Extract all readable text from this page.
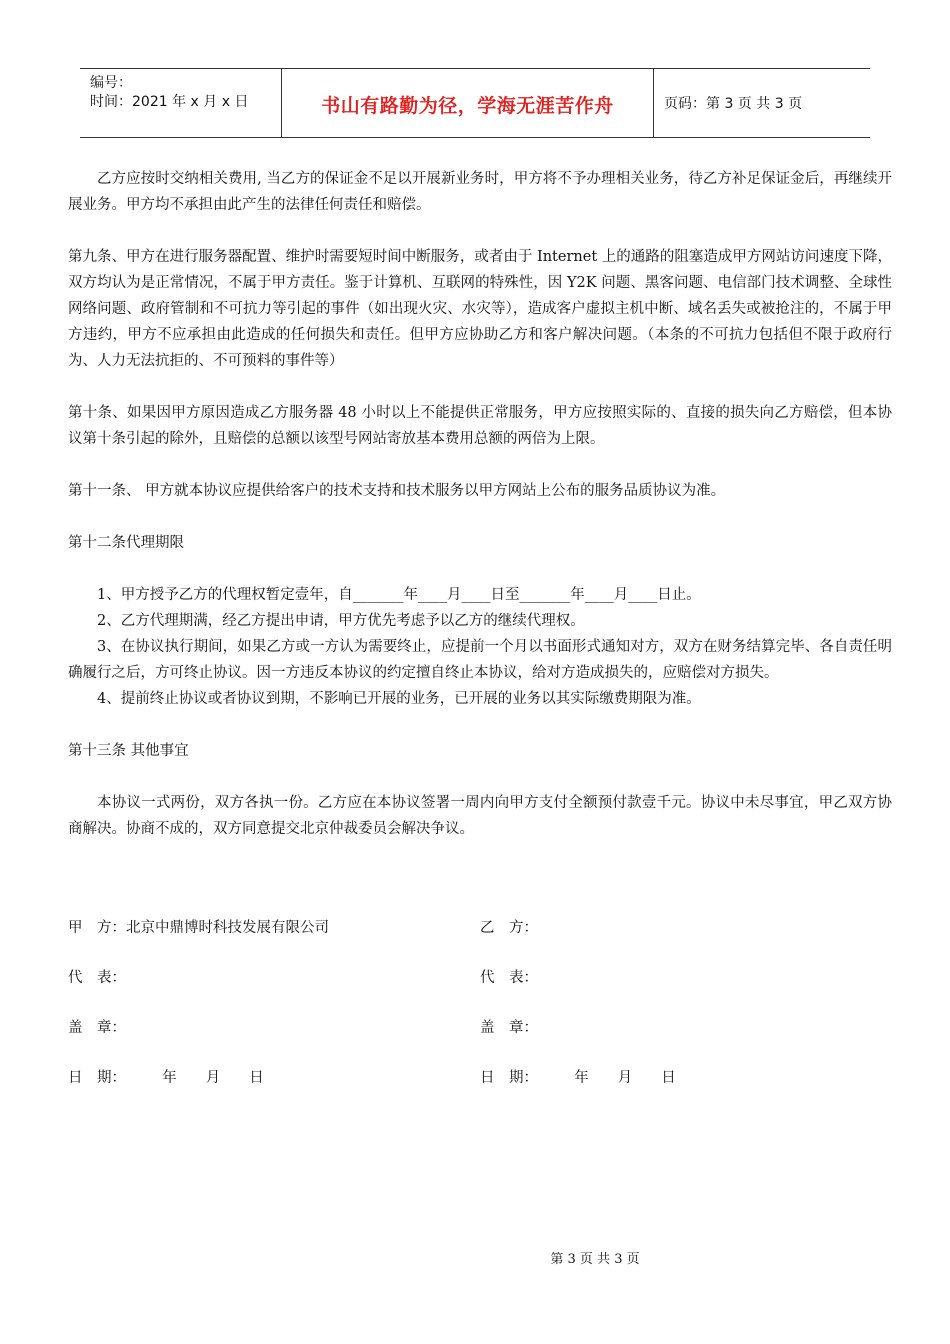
编号：
时间：2021 年 x 月 x 日	书山有路勤为径，学海无涯苦作舟	页码：第 3 页 共 3 页

乙方应按时交纳相关费用, 当乙方的保证金不足以开展新业务时，甲方将不予办理相关业务，待乙方补足保证金后，再继续开展业务。甲方均不承担由此产生的法律任何责任和赔偿。

第九条、甲方在进行服务器配置、维护时需要短时间中断服务，或者由于 Internet 上的通路的阻塞造成甲方网站访问速度下降，双方均认为是正常情况，不属于甲方责任。鉴于计算机、互联网的特殊性，因 Y2K 问题、黑客问题、电信部门技术调整、全球性网络问题、政府管制和不可抗力等引起的事件（如出现火灾、水灾等），造成客户虚拟主机中断、域名丢失或被抢注的，不属于甲方违约，甲方不应承担由此造成的任何损失和责任。但甲方应协助乙方和客户解决问题。（本条的不可抗力包括但不限于政府行为、人力无法抗拒的、不可预料的事件等）

第十条、如果因甲方原因造成乙方服务器 48 小时以上不能提供正常服务，甲方应按照实际的、直接的损失向乙方赔偿，但本协议第十条引起的除外，且赔偿的总额以该型号网站寄放基本费用总额的两倍为上限。

第十一条、 甲方就本协议应提供给客户的技术支持和技术服务以甲方网站上公布的服务品质协议为准。

第十二条代理期限

1、甲方授予乙方的代理权暂定壹年，自_______年____月____日至_______年____月____日止。

2、乙方代理期满，经乙方提出申请，甲方优先考虑予以乙方的继续代理权。

3、在协议执行期间，如果乙方或一方认为需要终止，应提前一个月以书面形式通知对方，双方在财务结算完毕、各自责任明确履行之后，方可终止协议。因一方违反本协议的约定擅自终止本协议，给对方造成损失的，应赔偿对方损失。

4、提前终止协议或者协议到期，不影响已开展的业务，已开展的业务以其实际缴费期限为准。

第十三条 其他事宜

本协议一式两份，双方各执一份。乙方应在本协议签署一周内向甲方支付全额预付款壹千元。协议中未尽事宜，甲乙双方协商解决。协商不成的，双方同意提交北京仲裁委员会解决争议。

甲　方：北京中鼎博时科技发展有限公司	乙　方：
代　表：	代　表：
盖　章：	盖　章：
日　期：　　　年　　月　　日	日　期：　　　年　　月　　日
第 3 页 共 3 页
